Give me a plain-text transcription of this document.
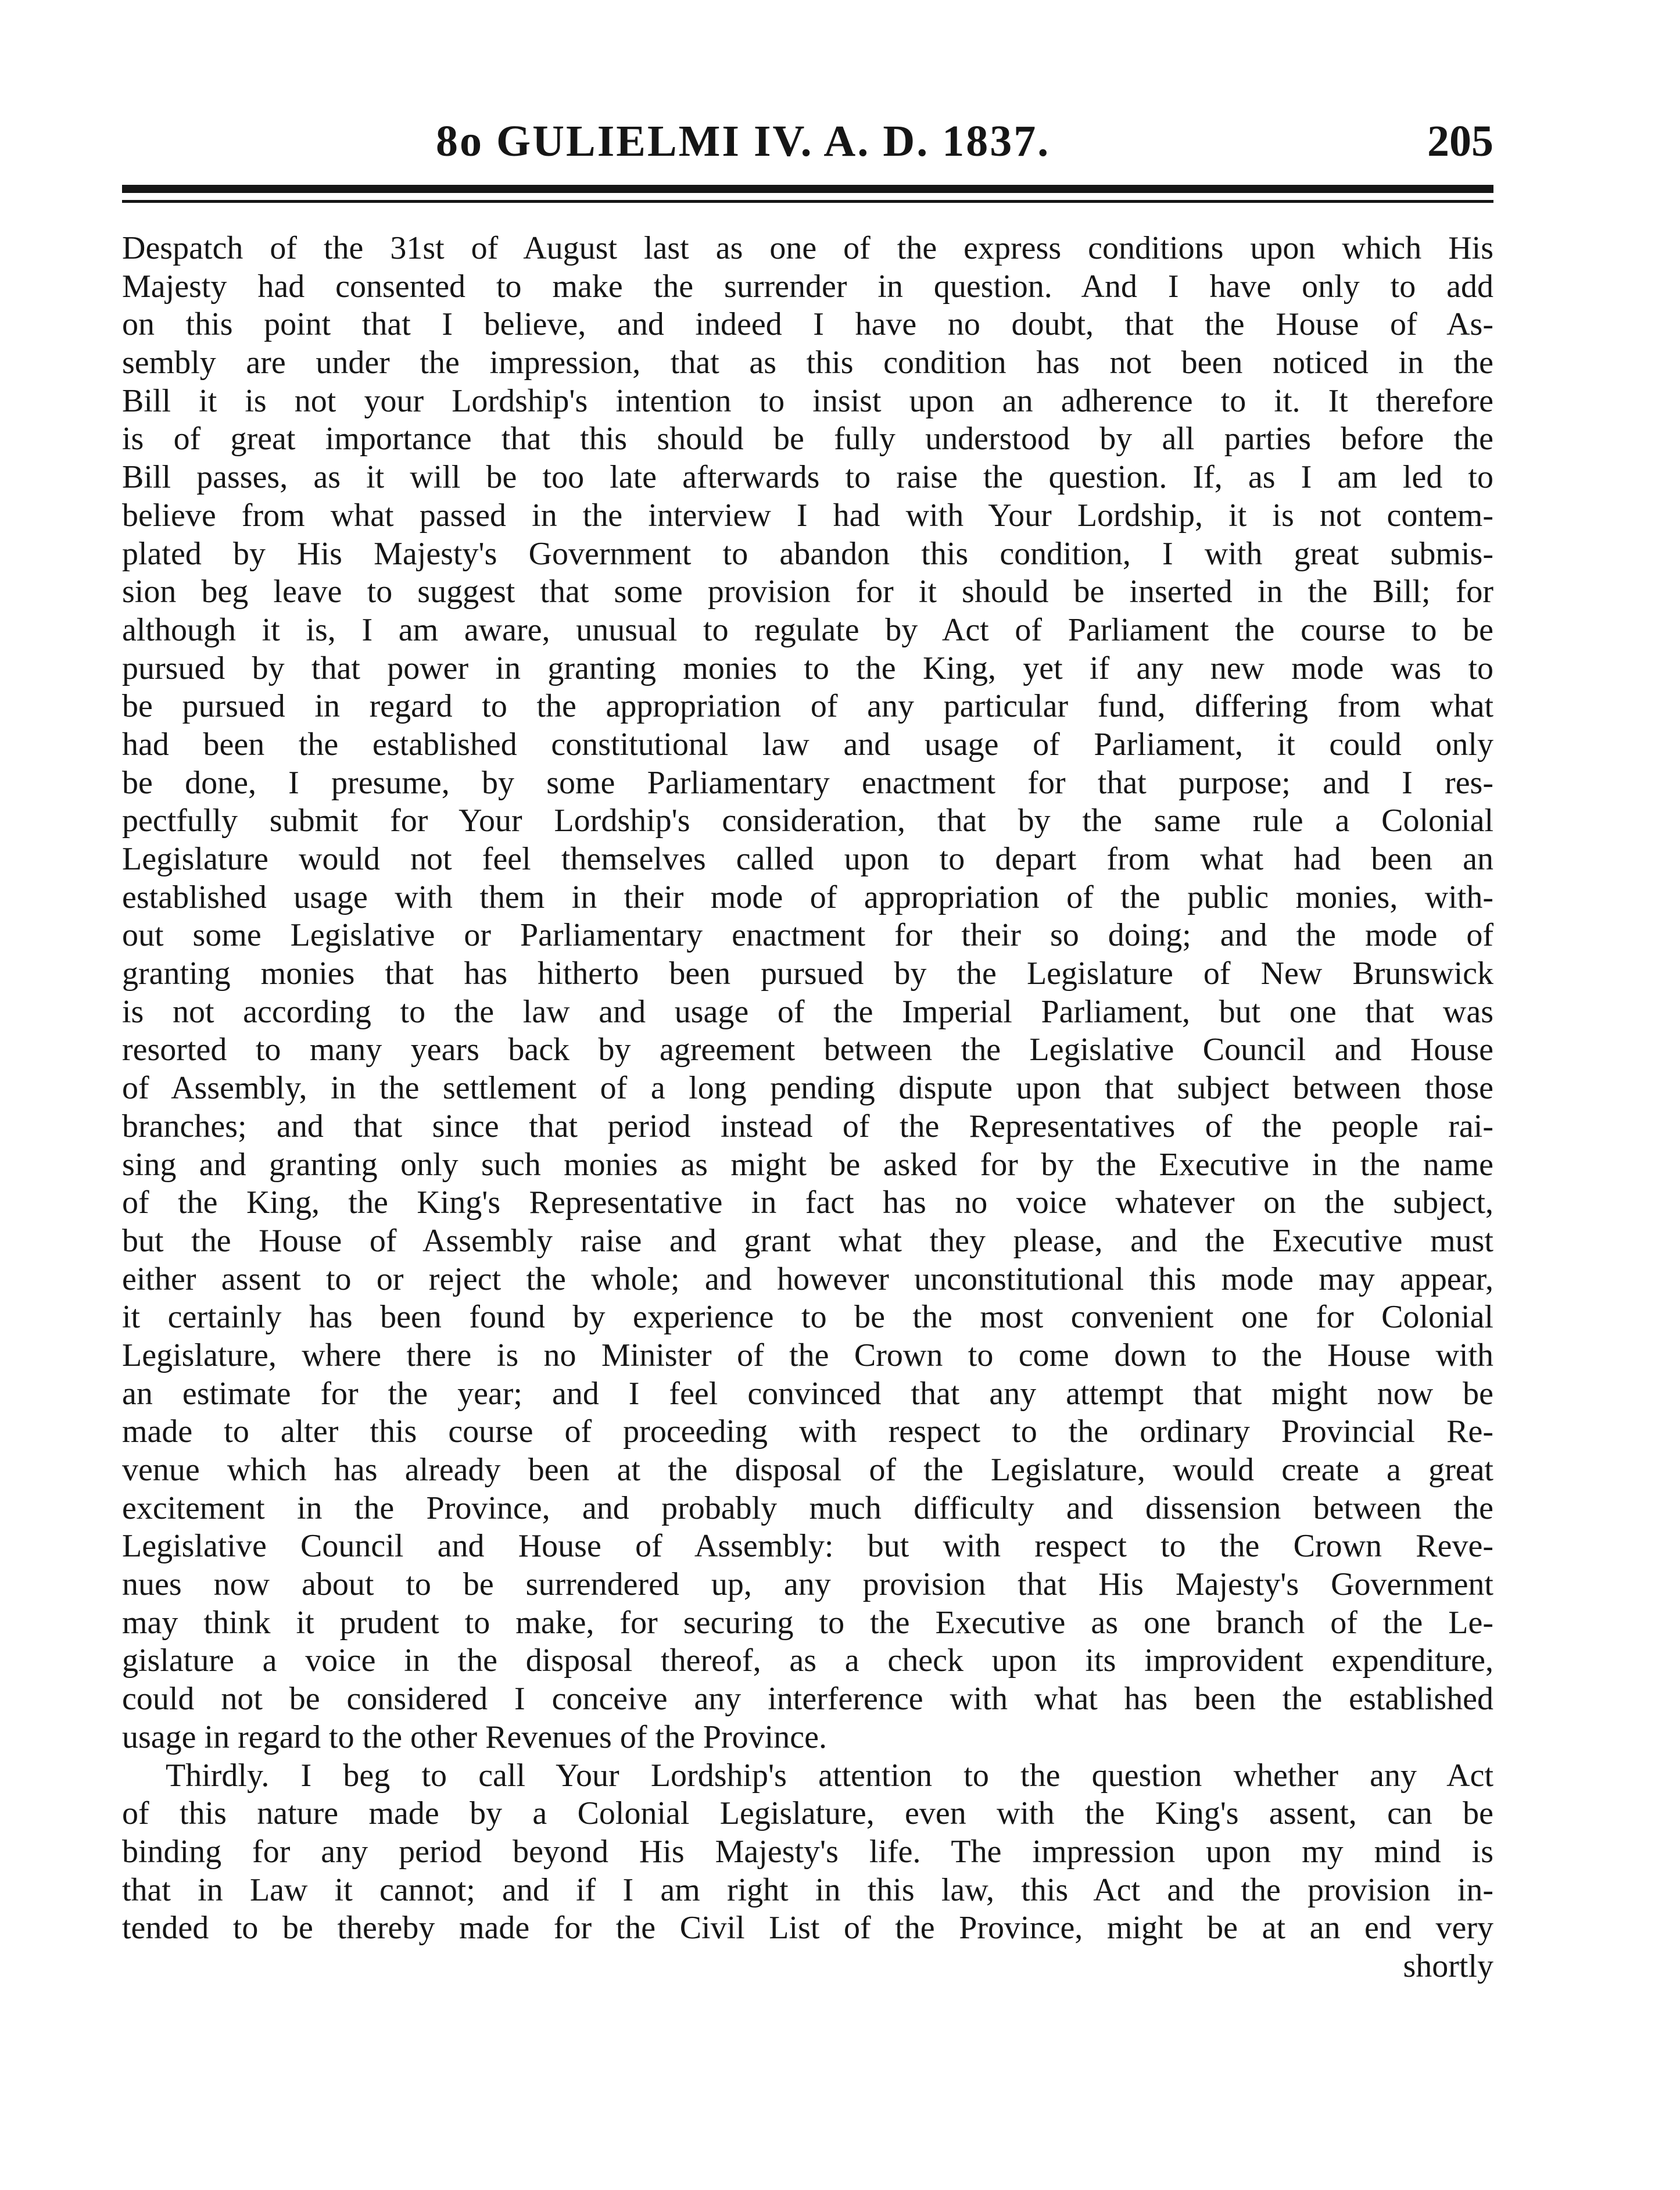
8o GULIELMI IV. A. D. 1837.	205
Despatch of the 31st of August last as one of the express conditions upon which His
Majesty had consented to make the surrender in question. And I have only to add
on this point that I believe, and indeed I have no doubt, that the House of As-
sembly are under the impression, that as this condition has not been noticed in the
Bill it is not your Lordship's intention to insist upon an adherence to it. It therefore
is of great importance that this should be fully understood by all parties before the
Bill passes, as it will be too late afterwards to raise the question. If, as I am led to
believe from what passed in the interview I had with Your Lordship, it is not contem-
plated by His Majesty's Government to abandon this condition, I with great submis-
sion beg leave to suggest that some provision for it should be inserted in the Bill; for
although it is, I am aware, unusual to regulate by Act of Parliament the course to be
pursued by that power in granting monies to the King, yet if any new mode was to
be pursued in regard to the appropriation of any particular fund, differing from what
had been the established constitutional law and usage of Parliament, it could only
be done, I presume, by some Parliamentary enactment for that purpose; and I res-
pectfully submit for Your Lordship's consideration, that by the same rule a Colonial
Legislature would not feel themselves called upon to depart from what had been an
established usage with them in their mode of appropriation of the public monies, with-
out some Legislative or Parliamentary enactment for their so doing; and the mode of
granting monies that has hitherto been pursued by the Legislature of New Brunswick
is not according to the law and usage of the Imperial Parliament, but one that was
resorted to many years back by agreement between the Legislative Council and House
of Assembly, in the settlement of a long pending dispute upon that subject between those
branches; and that since that period instead of the Representatives of the people rai-
sing and granting only such monies as might be asked for by the Executive in the name
of the King, the King's Representative in fact has no voice whatever on the subject,
but the House of Assembly raise and grant what they please, and the Executive must
either assent to or reject the whole; and however unconstitutional this mode may appear,
it certainly has been found by experience to be the most convenient one for Colonial
Legislature, where there is no Minister of the Crown to come down to the House with
an estimate for the year; and I feel convinced that any attempt that might now be
made to alter this course of proceeding with respect to the ordinary Provincial Re-
venue which has already been at the disposal of the Legislature, would create a great
excitement in the Province, and probably much difficulty and dissension between the
Legislative Council and House of Assembly: but with respect to the Crown Reve-
nues now about to be surrendered up, any provision that His Majesty's Government
may think it prudent to make, for securing to the Executive as one branch of the Le-
gislature a voice in the disposal thereof, as a check upon its improvident expenditure,
could not be considered I conceive any interference with what has been the established
usage in regard to the other Revenues of the Province.
Thirdly. I beg to call Your Lordship's attention to the question whether any Act
of this nature made by a Colonial Legislature, even with the King's assent, can be
binding for any period beyond His Majesty's life. The impression upon my mind is
that in Law it cannot; and if I am right in this law, this Act and the provision in-
tended to be thereby made for the Civil List of the Province, might be at an end very
shortly
